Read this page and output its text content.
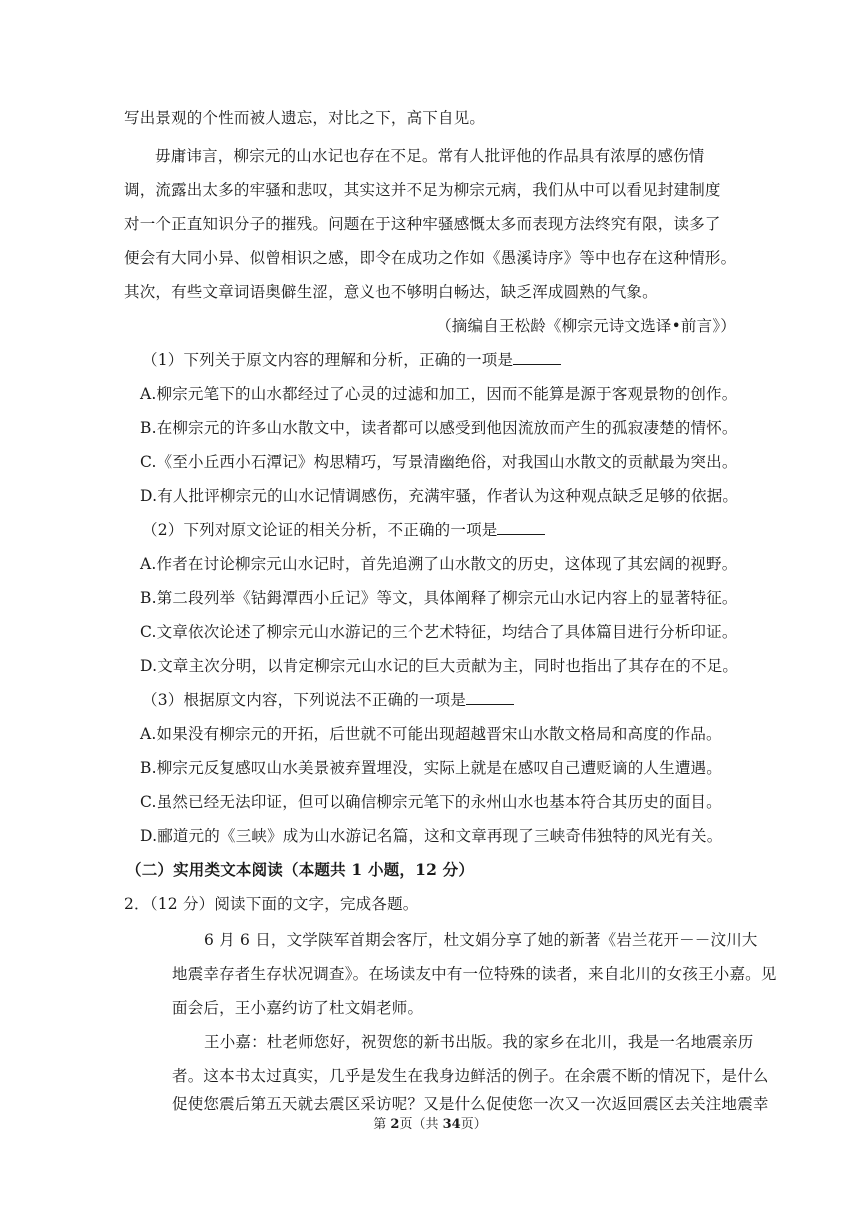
写出景观的个性而被人遗忘，对比之下，高下自见。
毋庸讳言，柳宗元的山水记也存在不足。常有人批评他的作品具有浓厚的感伤情
调，流露出太多的牢骚和悲叹，其实这并不足为柳宗元病，我们从中可以看见封建制度
对一个正直知识分子的摧残。问题在于这种牢骚感慨太多而表现方法终究有限，读多了
便会有大同小异、似曾相识之感，即令在成功之作如《愚溪诗序》等中也存在这种情形。
其次，有些文章词语奥僻生涩，意义也不够明白畅达，缺乏浑成圆熟的气象。
（摘编自王松龄《柳宗元诗文选译•前言》）
（1）下列关于原文内容的理解和分析，正确的一项是
A.柳宗元笔下的山水都经过了心灵的过滤和加工，因而不能算是源于客观景物的创作。
B.在柳宗元的许多山水散文中，读者都可以感受到他因流放而产生的孤寂凄楚的情怀。
C.《至小丘西小石潭记》构思精巧，写景清幽绝俗，对我国山水散文的贡献最为突出。
D.有人批评柳宗元的山水记情调感伤，充满牢骚，作者认为这种观点缺乏足够的依据。
（2）下列对原文论证的相关分析，不正确的一项是
A.作者在讨论柳宗元山水记时，首先追溯了山水散文的历史，这体现了其宏阔的视野。
B.第二段列举《钴鉧潭西小丘记》等文，具体阐释了柳宗元山水记内容上的显著特征。
C.文章依次论述了柳宗元山水游记的三个艺术特征，均结合了具体篇目进行分析印证。
D.文章主次分明，以肯定柳宗元山水记的巨大贡献为主，同时也指出了其存在的不足。
（3）根据原文内容，下列说法不正确的一项是
A.如果没有柳宗元的开拓，后世就不可能出现超越晋宋山水散文格局和高度的作品。
B.柳宗元反复感叹山水美景被弃置埋没，实际上就是在感叹自己遭贬谪的人生遭遇。
C.虽然已经无法印证，但可以确信柳宗元笔下的永州山水也基本符合其历史的面目。
D.郦道元的《三峡》成为山水游记名篇，这和文章再现了三峡奇伟独特的风光有关。
（二）实用类文本阅读（本题共 1 小题，12 分）
2．（12 分）阅读下面的文字，完成各题。
6 月 6 日，文学陕军首期会客厅，杜文娟分享了她的新著《岩兰花开－－汶川大
地震幸存者生存状况调查》。在场读友中有一位特殊的读者，来自北川的女孩王小嘉。见
面会后，王小嘉约访了杜文娟老师。
王小嘉：杜老师您好，祝贺您的新书出版。我的家乡在北川，我是一名地震亲历
者。这本书太过真实，几乎是发生在我身边鲜活的例子。在余震不断的情况下，是什么
促使您震后第五天就去震区采访呢？又是什么促使您一次又一次返回震区去关注地震幸
第 2页（共 34页）
